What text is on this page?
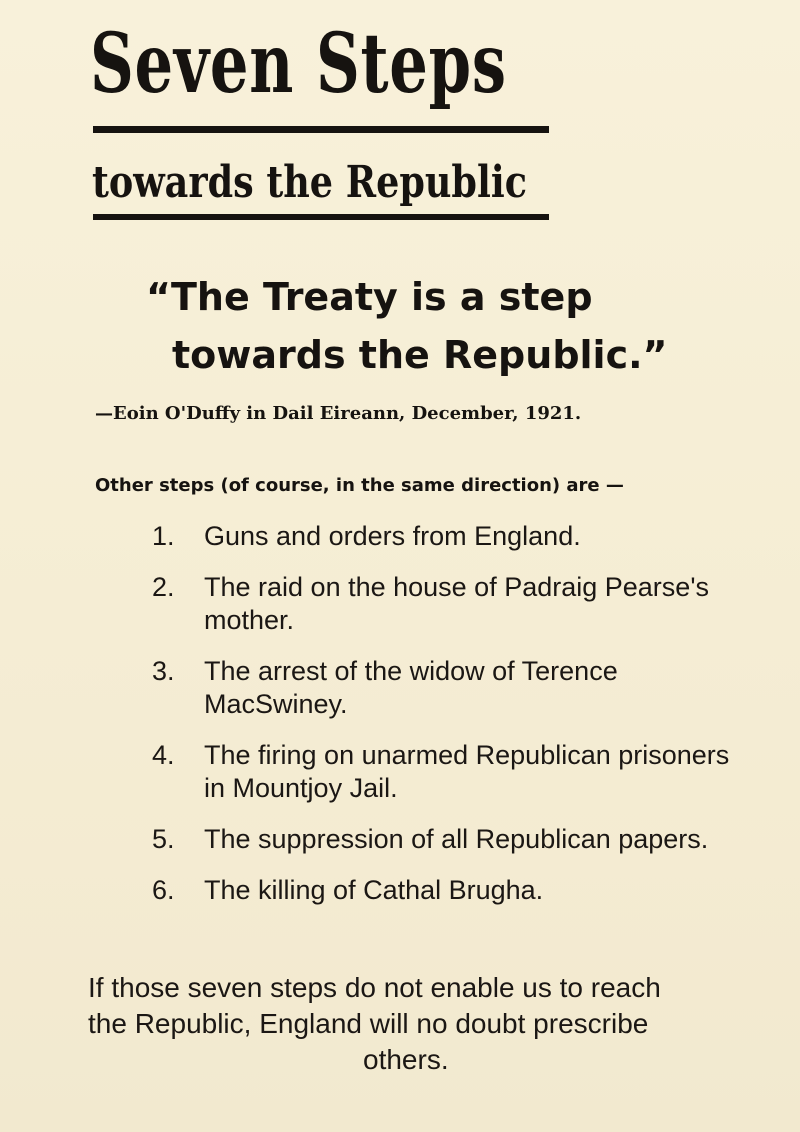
Seven Steps
towards the Republic
“The Treaty is a step
towards the Republic.”
—Eoin O'Duffy in Dail Eireann, December, 1921.
Other steps (of course, in the same direction) are —
1.	Guns and orders from England.
2.	The raid on the house of Padraig Pearse's mother.
3.	The arrest of the widow of Terence MacSwiney.
4.	The firing on unarmed Republican prisoners in Mountjoy Jail.
5.	The suppression of all Republican papers.
6.	The killing of Cathal Brugha.
If those seven steps do not enable us to reach
the Republic, England will no doubt prescribe
others.
